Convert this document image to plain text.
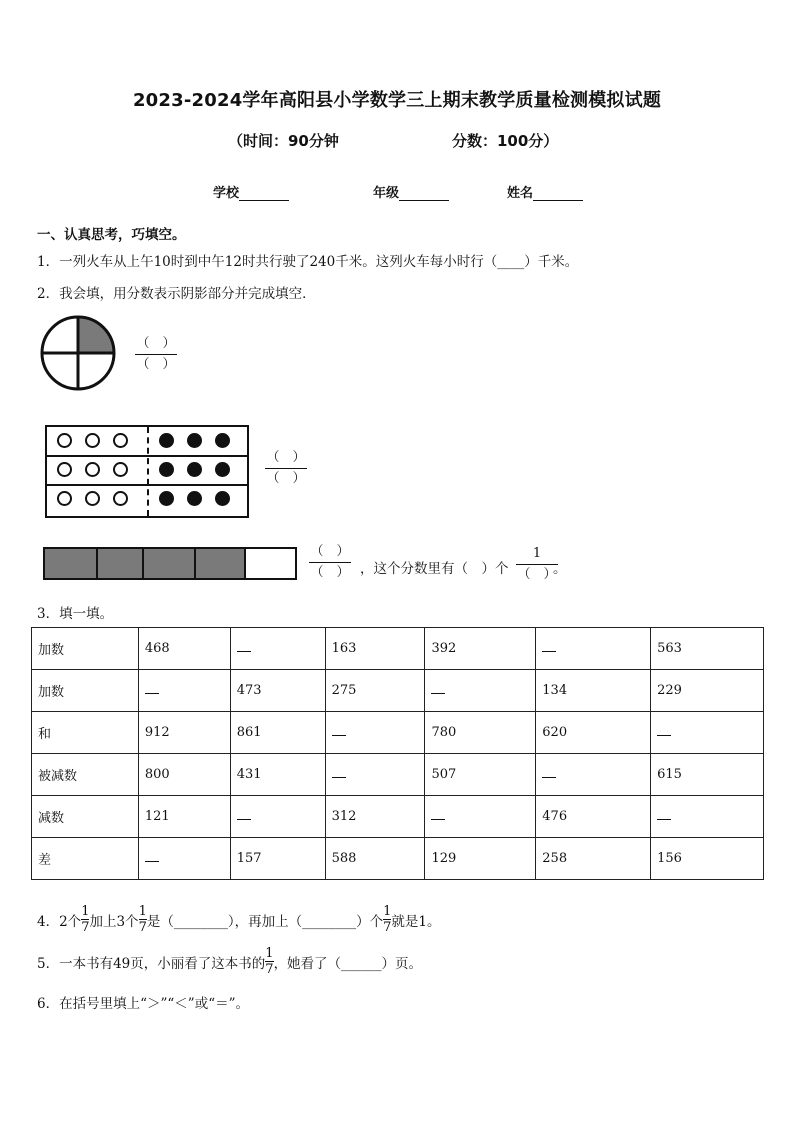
2023-2024学年高阳县小学数学三上期末教学质量检测模拟试题
（时间：90分钟	分数：100分）
学校	年级	姓名
一、认真思考，巧填空。
1．一列火车从上午10时到中午12时共行驶了240千米。这列火车每小时行（____）千米。
2．我会填，用分数表示阴影部分并完成填空．
（　）
（　）
（　）
（　）
（　）
（　） ，这个分数里有（　）个
1
（　）
。
3．填一填。
加数	468		163	392		563
加数		473	275		134	229
和	912	861		780	620	
被减数	800	431		507		615
减数	121		312		476	
差		157	588	129	258	156
4．2个 $\frac{1}{7}$ 加上3个 $\frac{1}{7}$ 是（________），再加上（________）个 $\frac{1}{7}$ 就是1。
5．一本书有49页，小丽看了这本书的 $\frac{1}{7}$ ，她看了（______）页。
6．在括号里填上“＞”“＜”或“＝”。
